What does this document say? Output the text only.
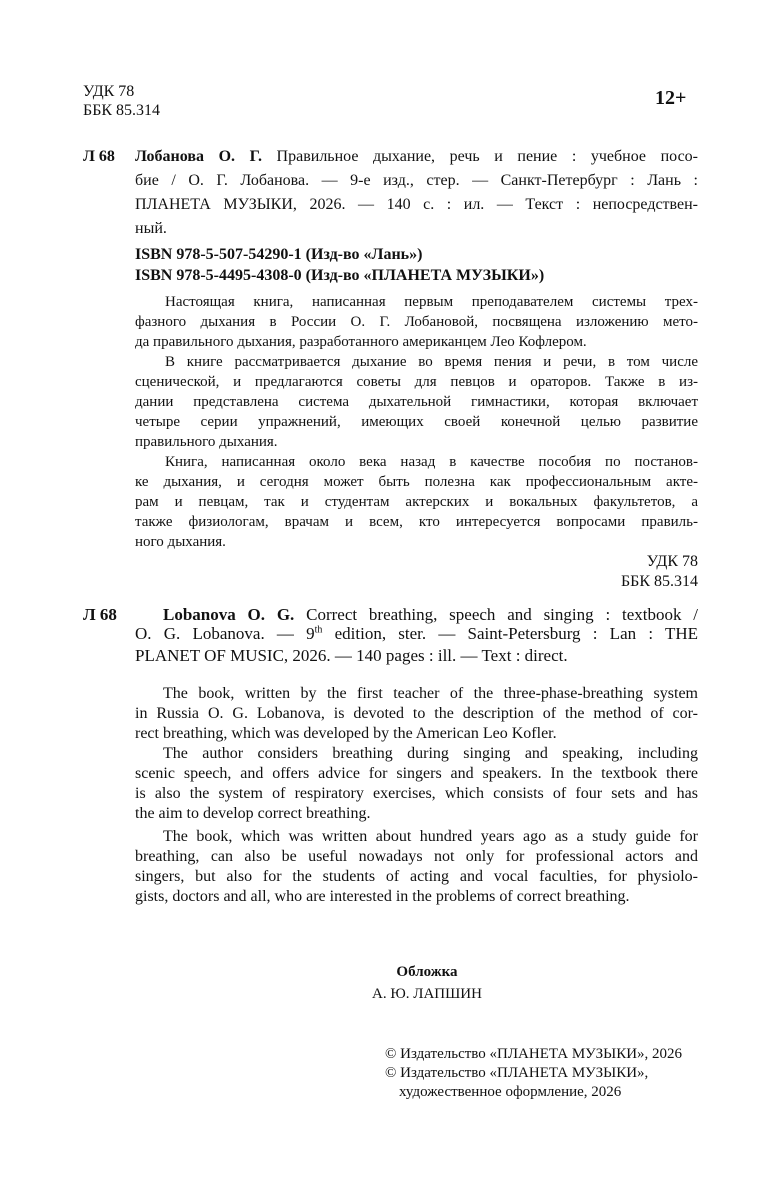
УДК 78
ББК 85.314
12+
Л 68 Лобанова О. Г. Правильное дыхание, речь и пение : учебное посо-
бие / О. Г. Лобанова. — 9-е изд., стер. — Санкт-Петербург : Лань :
ПЛАНЕТА МУЗЫКИ, 2026. — 140 с. : ил. — Текст : непосредствен-
ный.
ISBN 978-5-507-54290-1 (Изд-во «Лань»)
ISBN 978-5-4495-4308-0 (Изд-во «ПЛАНЕТА МУЗЫКИ»)
Настоящая книга, написанная первым преподавателем системы трех-
фазного дыхания в России О. Г. Лобановой, посвящена изложению мето-
да правильного дыхания, разработанного американцем Лео Кофлером.
В книге рассматривается дыхание во время пения и речи, в том числе
сценической, и предлагаются советы для певцов и ораторов. Также в из-
дании представлена система дыхательной гимнастики, которая включает
четыре серии упражнений, имеющих своей конечной целью развитие
правильного дыхания.
Книга, написанная около века назад в качестве пособия по постанов-
ке дыхания, и сегодня может быть полезна как профессиональным акте-
рам и певцам, так и студентам актерских и вокальных факультетов, а
также физиологам, врачам и всем, кто интересуется вопросами правиль-
ного дыхания.
УДК 78
ББК 85.314
Л 68	Lobanova O. G. Correct breathing, speech and singing : textbook /
O. G. Lobanova. — 9th edition, ster. — Saint-Petersburg : Lan : THE
PLANET OF MUSIC, 2026. — 140 pages : ill. — Text : direct.
The book, written by the first teacher of the three-phase-breathing system
in Russia O. G. Lobanova, is devoted to the description of the method of cor-
rect breathing, which was developed by the American Leo Kofler.
The author considers breathing during singing and speaking, including
scenic speech, and offers advice for singers and speakers. In the textbook there
is also the system of respiratory exercises, which consists of four sets and has
the aim to develop correct breathing.
The book, which was written about hundred years ago as a study guide for
breathing, can also be useful nowadays not only for professional actors and
singers, but also for the students of acting and vocal faculties, for physiolo-
gists, doctors and all, who are interested in the problems of correct breathing.
Обложка
А. Ю. ЛАПШИН
© Издательство «ПЛАНЕТА МУЗЫКИ», 2026
© Издательство «ПЛАНЕТА МУЗЫКИ»,
художественное оформление, 2026
